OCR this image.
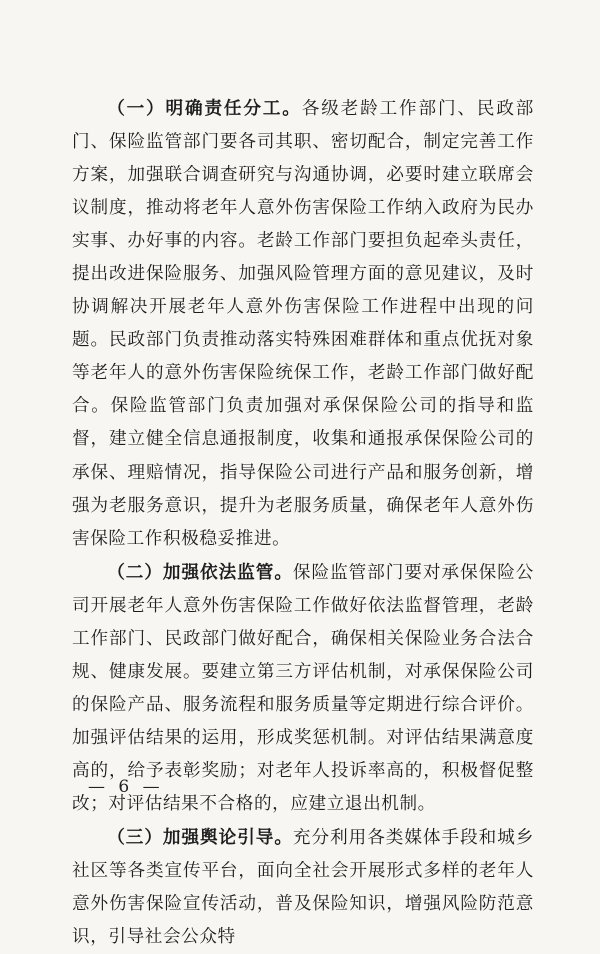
（一）明确责任分工。各级老龄工作部门、民政部门、保险监管部门要各司其职、密切配合，制定完善工作方案，加强联合调查研究与沟通协调，必要时建立联席会议制度，推动将老年人意外伤害保险工作纳入政府为民办实事、办好事的内容。老龄工作部门要担负起牵头责任，提出改进保险服务、加强风险管理方面的意见建议，及时协调解决开展老年人意外伤害保险工作进程中出现的问题。民政部门负责推动落实特殊困难群体和重点优抚对象等老年人的意外伤害保险统保工作，老龄工作部门做好配合。保险监管部门负责加强对承保保险公司的指导和监督，建立健全信息通报制度，收集和通报承保保险公司的承保、理赔情况，指导保险公司进行产品和服务创新，增强为老服务意识，提升为老服务质量，确保老年人意外伤害保险工作积极稳妥推进。

（二）加强依法监管。保险监管部门要对承保保险公司开展老年人意外伤害保险工作做好依法监督管理，老龄工作部门、民政部门做好配合，确保相关保险业务合法合规、健康发展。要建立第三方评估机制，对承保保险公司的保险产品、服务流程和服务质量等定期进行综合评价。加强评估结果的运用，形成奖惩机制。对评估结果满意度高的，给予表彰奖励；对老年人投诉率高的，积极督促整改；对评估结果不合格的，应建立退出机制。

（三）加强舆论引导。充分利用各类媒体手段和城乡社区等各类宣传平台，面向全社会开展形式多样的老年人意外伤害保险宣传活动，普及保险知识，增强风险防范意识，引导社会公众特

— 6 —
